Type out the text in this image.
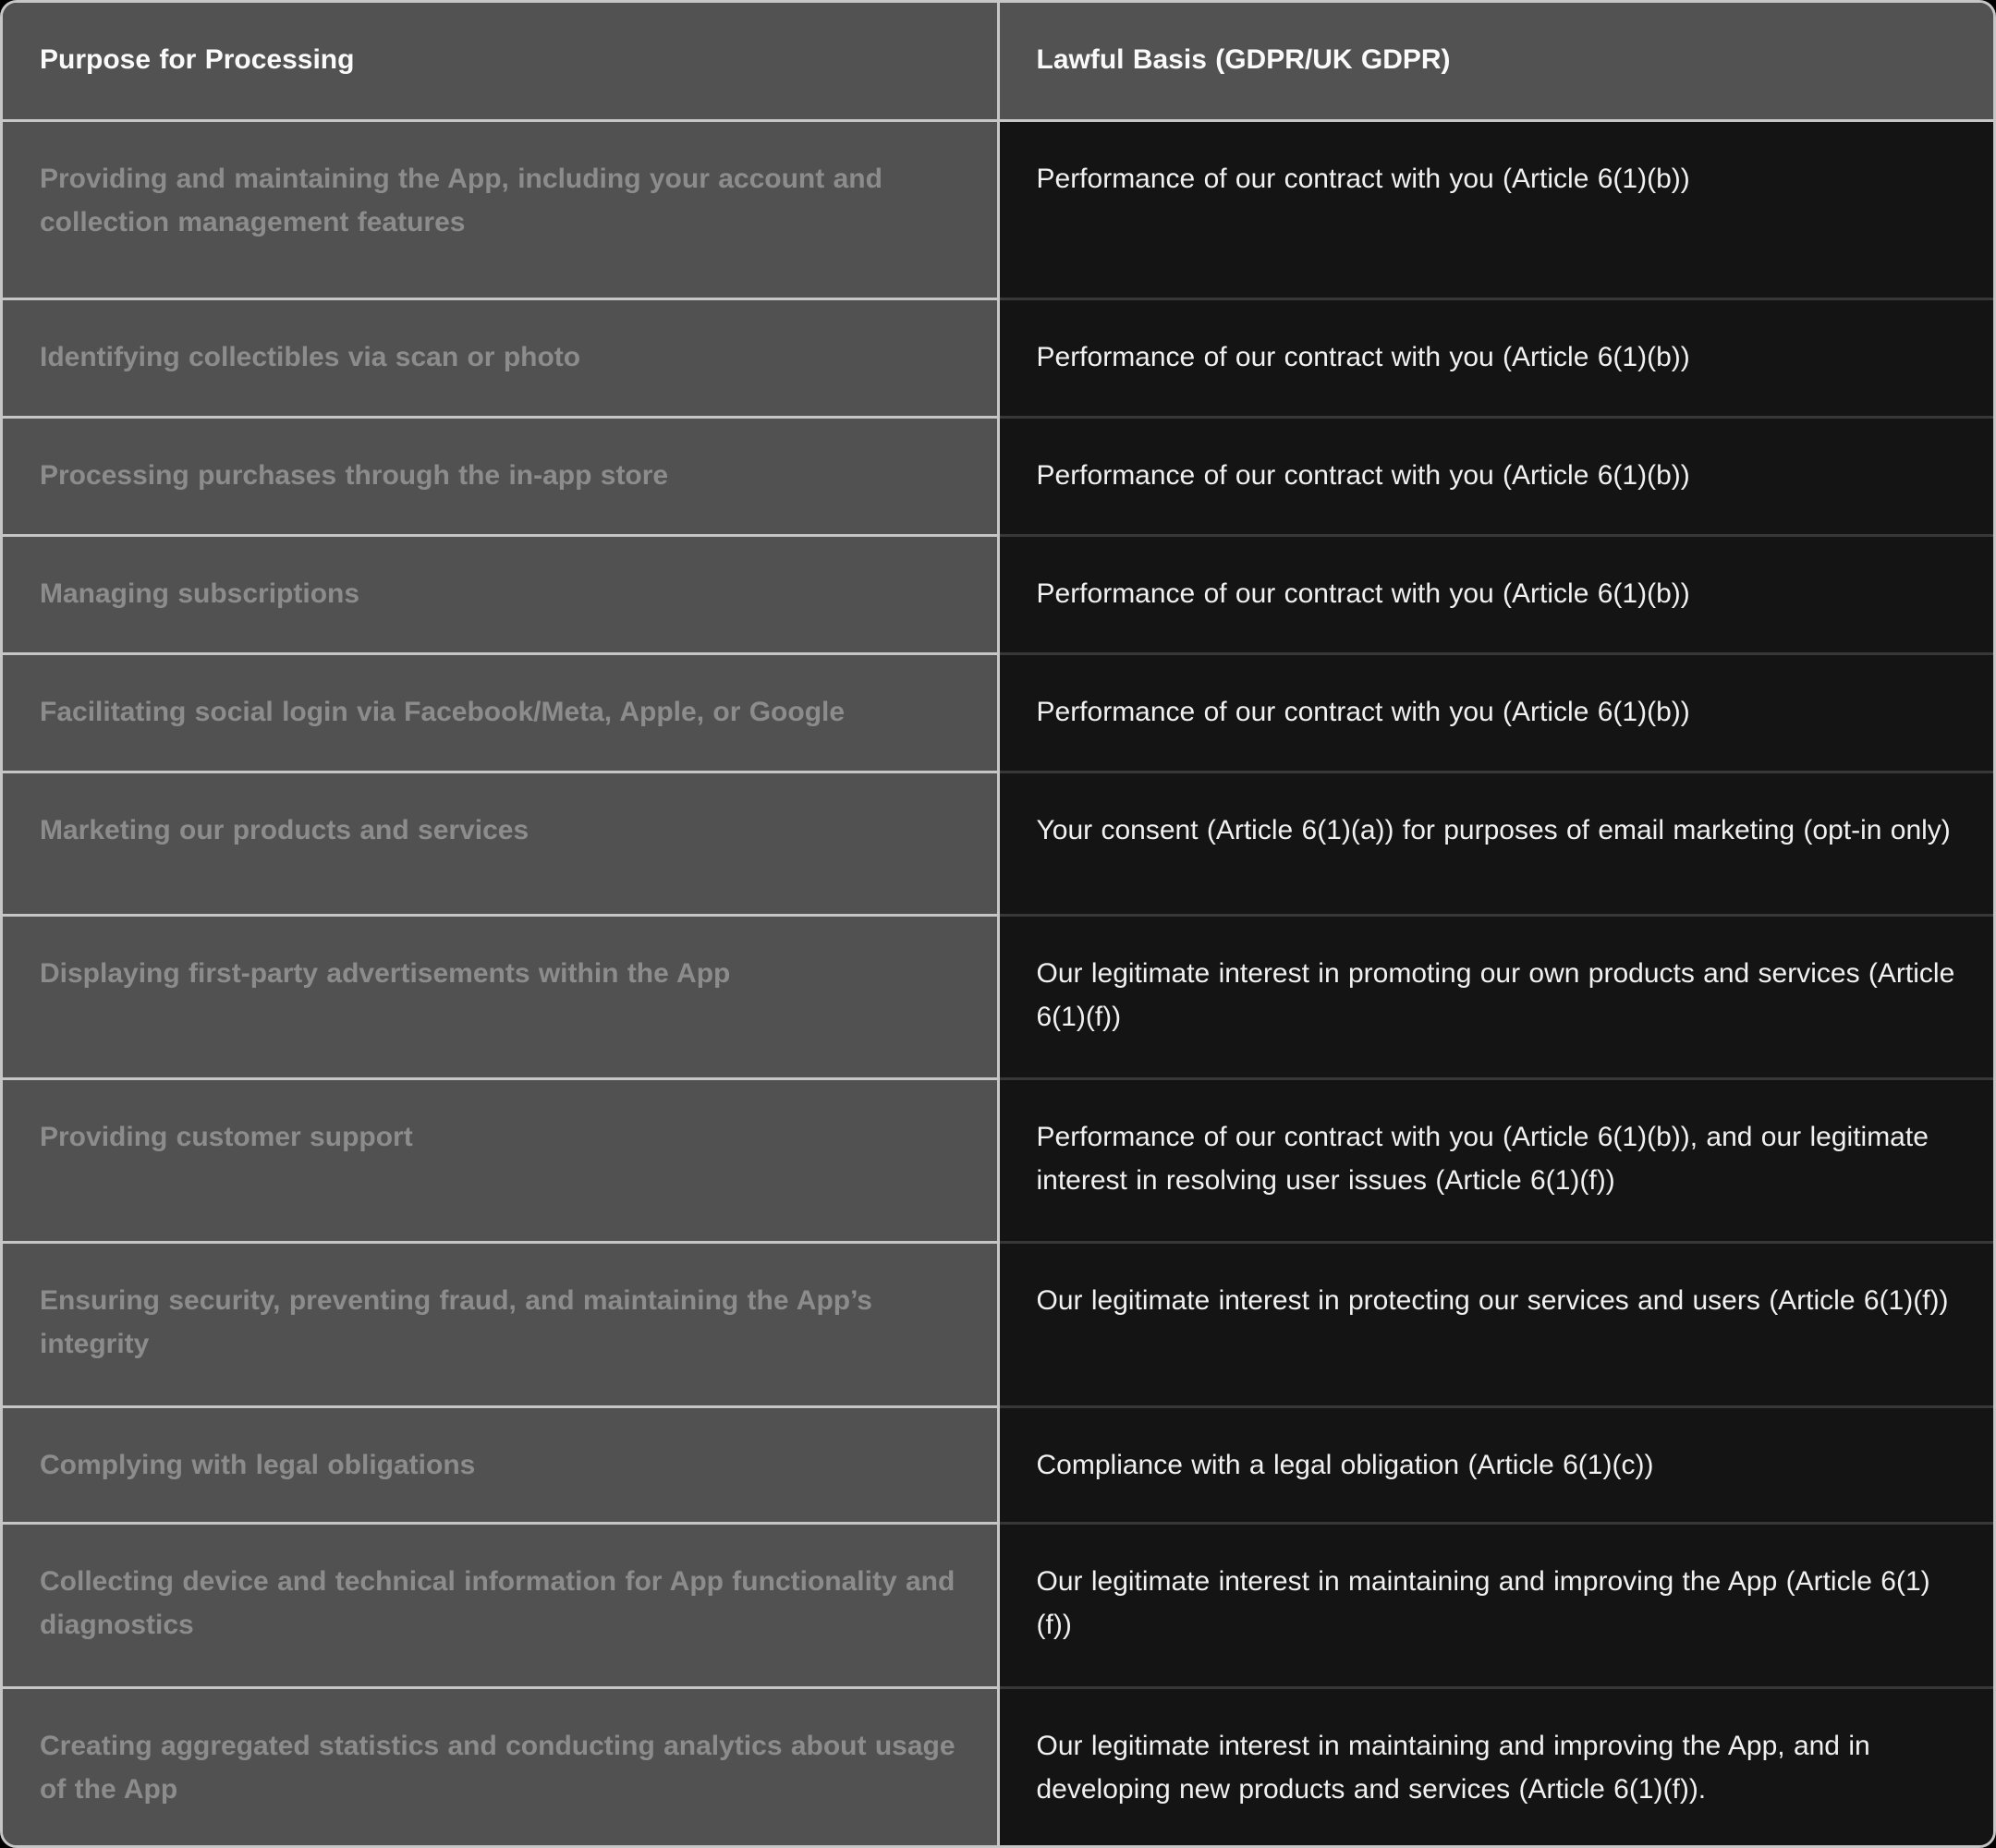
Purpose for Processing	Lawful Basis (GDPR/UK GDPR)
Providing and maintaining the App, including your account and collection management features	Performance of our contract with you (Article 6(1)(b))
Identifying collectibles via scan or photo	Performance of our contract with you (Article 6(1)(b))
Processing purchases through the in-app store	Performance of our contract with you (Article 6(1)(b))
Managing subscriptions	Performance of our contract with you (Article 6(1)(b))
Facilitating social login via Facebook/Meta, Apple, or Google	Performance of our contract with you (Article 6(1)(b))
Marketing our products and services	Your consent (Article 6(1)(a)) for purposes of email marketing (opt-in only)
Displaying first-party advertisements within the App	Our legitimate interest in promoting our own products and services (Article 6(1)(f))
Providing customer support	Performance of our contract with you (Article 6(1)(b)), and our legitimate interest in resolving user issues (Article 6(1)(f))
Ensuring security, preventing fraud, and maintaining the App’s integrity	Our legitimate interest in protecting our services and users (Article 6(1)(f))
Complying with legal obligations	Compliance with a legal obligation (Article 6(1)(c))
Collecting device and technical information for App functionality and diagnostics	Our legitimate interest in maintaining and improving the App (Article 6(1)(f))
Creating aggregated statistics and conducting analytics about usage of the App	Our legitimate interest in maintaining and improving the App, and in developing new products and services (Article 6(1)(f)).
